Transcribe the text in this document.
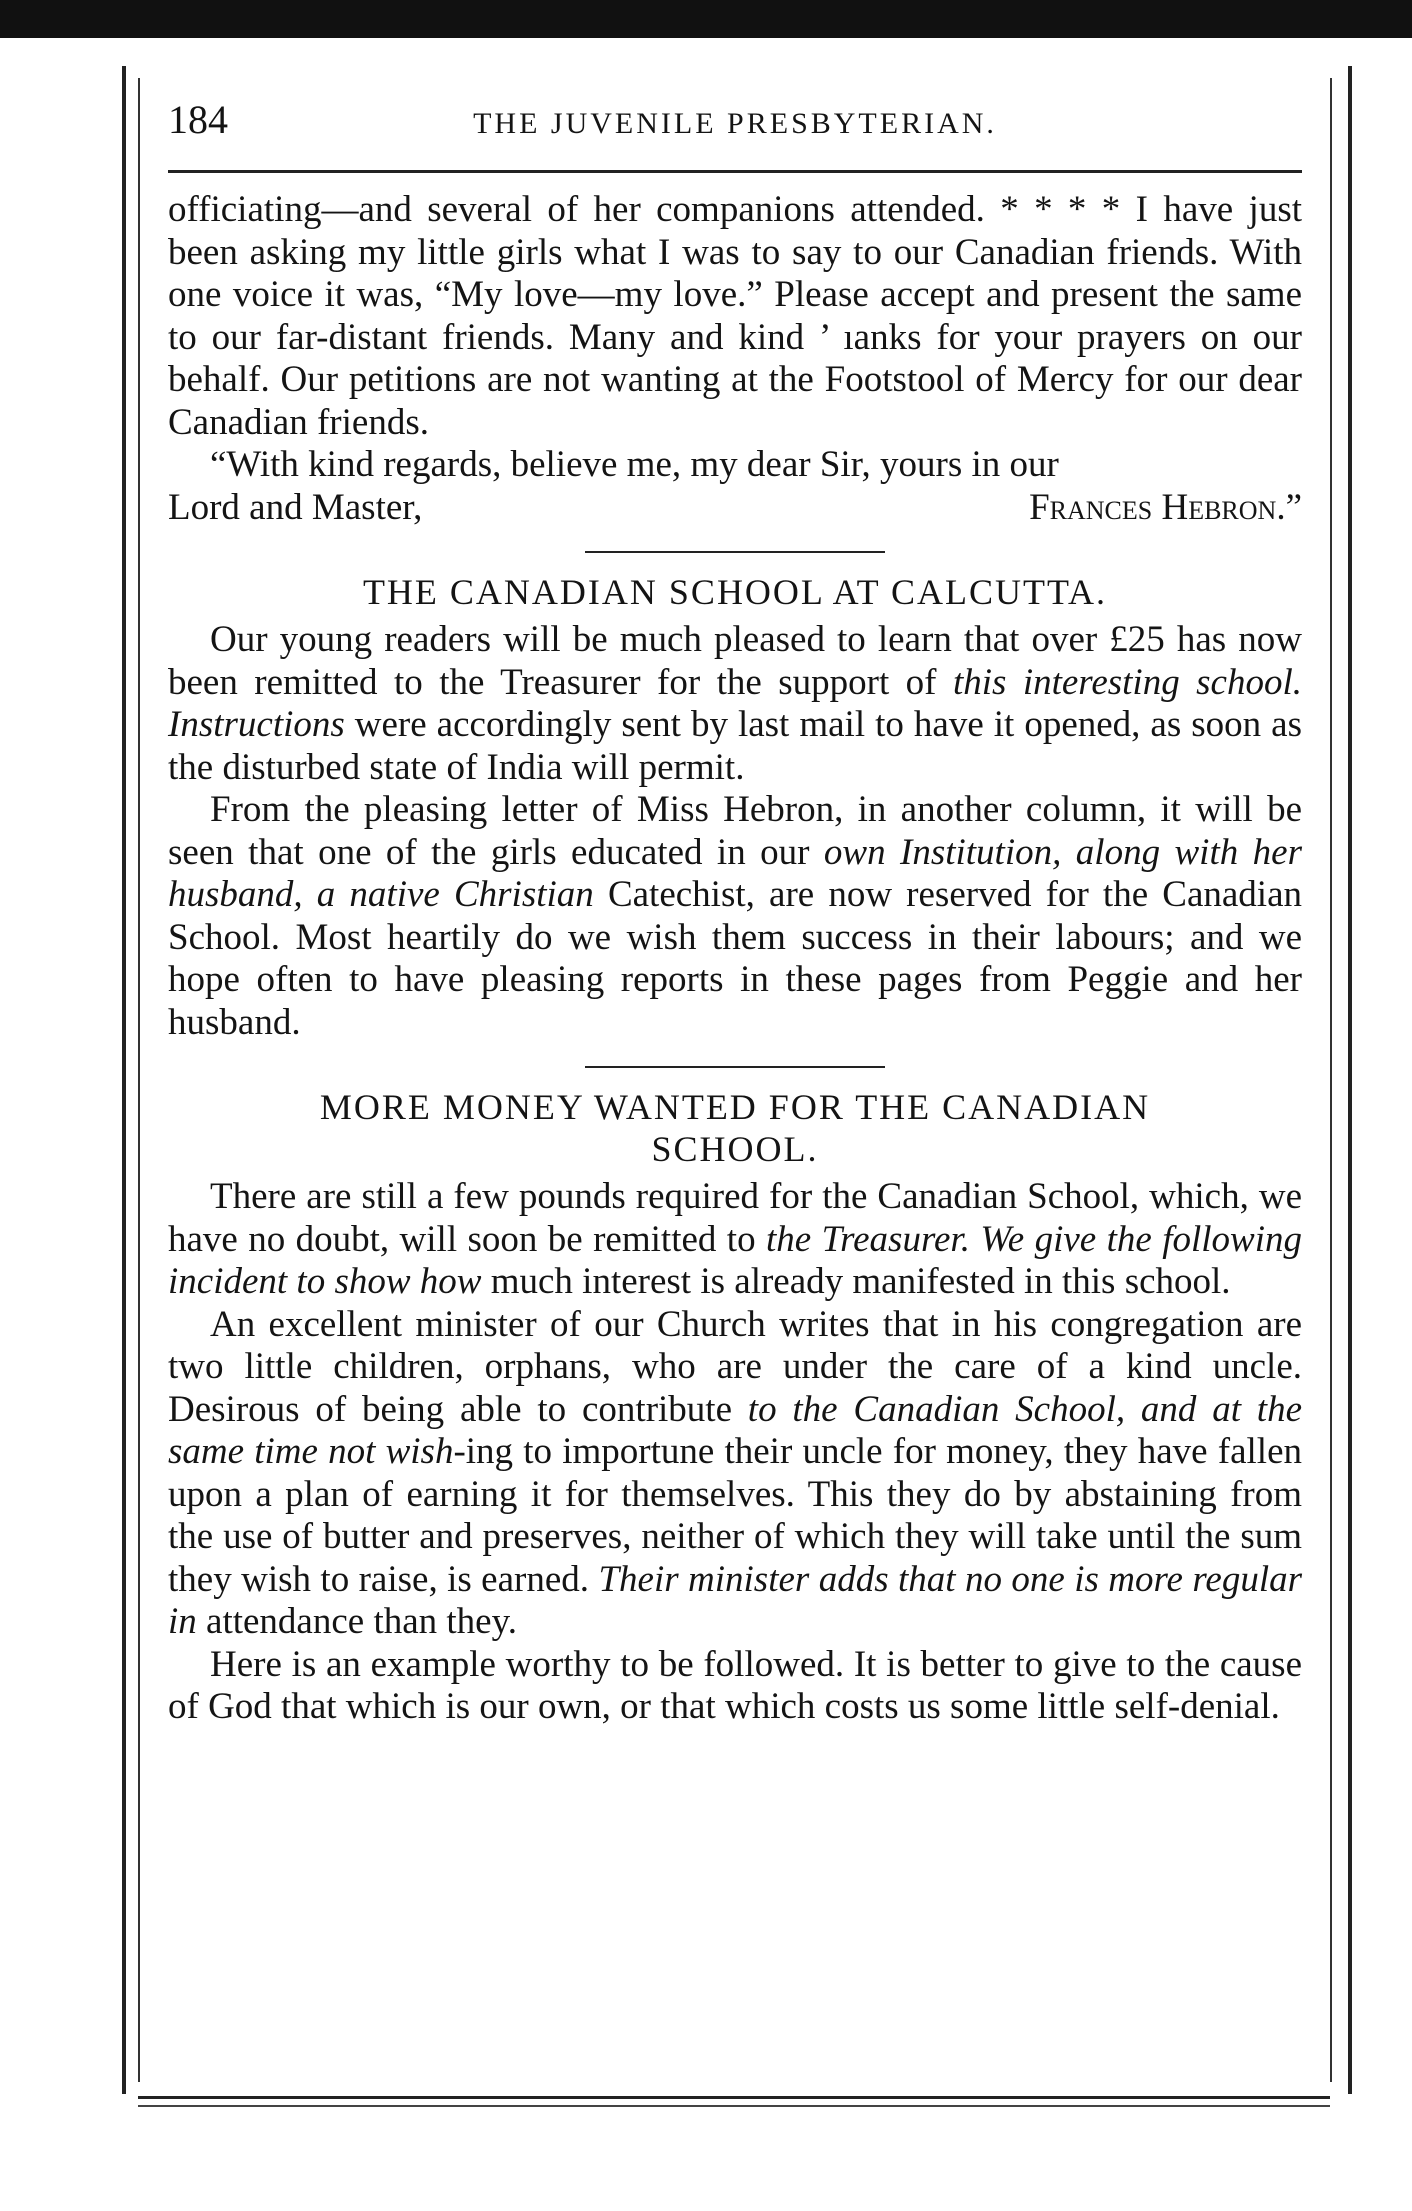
184	THE JUVENILE PRESBYTERIAN.

officiating—and several of her companions attended. * * * * I have just been asking my little girls what I was to say to our Canadian friends. With one voice it was, “My love—my love.” Please accept and present the same to our far-distant friends. Many and kind ’ ıanks for your prayers on our behalf. Our petitions are not wanting at the Footstool of Mercy for our dear Canadian friends.

“With kind regards, believe me, my dear Sir, yours in our

Lord and Master,	Frances Hebron.”
THE CANADIAN SCHOOL AT CALCUTTA.

Our young readers will be much pleased to learn that over £25 has now been remitted to the Treasurer for the support of this interesting school. Instructions were accordingly sent by last mail to have it opened, as soon as the disturbed state of India will permit.

From the pleasing letter of Miss Hebron, in another column, it will be seen that one of the girls educated in our own Institution, along with her husband, a native Christian Catechist, are now reserved for the Canadian School. Most heartily do we wish them success in their labours; and we hope often to have pleasing reports in these pages from Peggie and her husband.

MORE MONEY WANTED FOR THE CANADIAN
SCHOOL.

There are still a few pounds required for the Canadian School, which, we have no doubt, will soon be remitted to the Treasurer. We give the following incident to show how much interest is already manifested in this school.

An excellent minister of our Church writes that in his congregation are two little children, orphans, who are under the care of a kind uncle. Desirous of being able to contribute to the Canadian School, and at the same time not wish-ing to importune their uncle for money, they have fallen upon a plan of earning it for themselves. This they do by abstaining from the use of butter and preserves, neither of which they will take until the sum they wish to raise, is earned. Their minister adds that no one is more regular in attendance than they.

Here is an example worthy to be followed. It is better to give to the cause of God that which is our own, or that which costs us some little self-denial.
